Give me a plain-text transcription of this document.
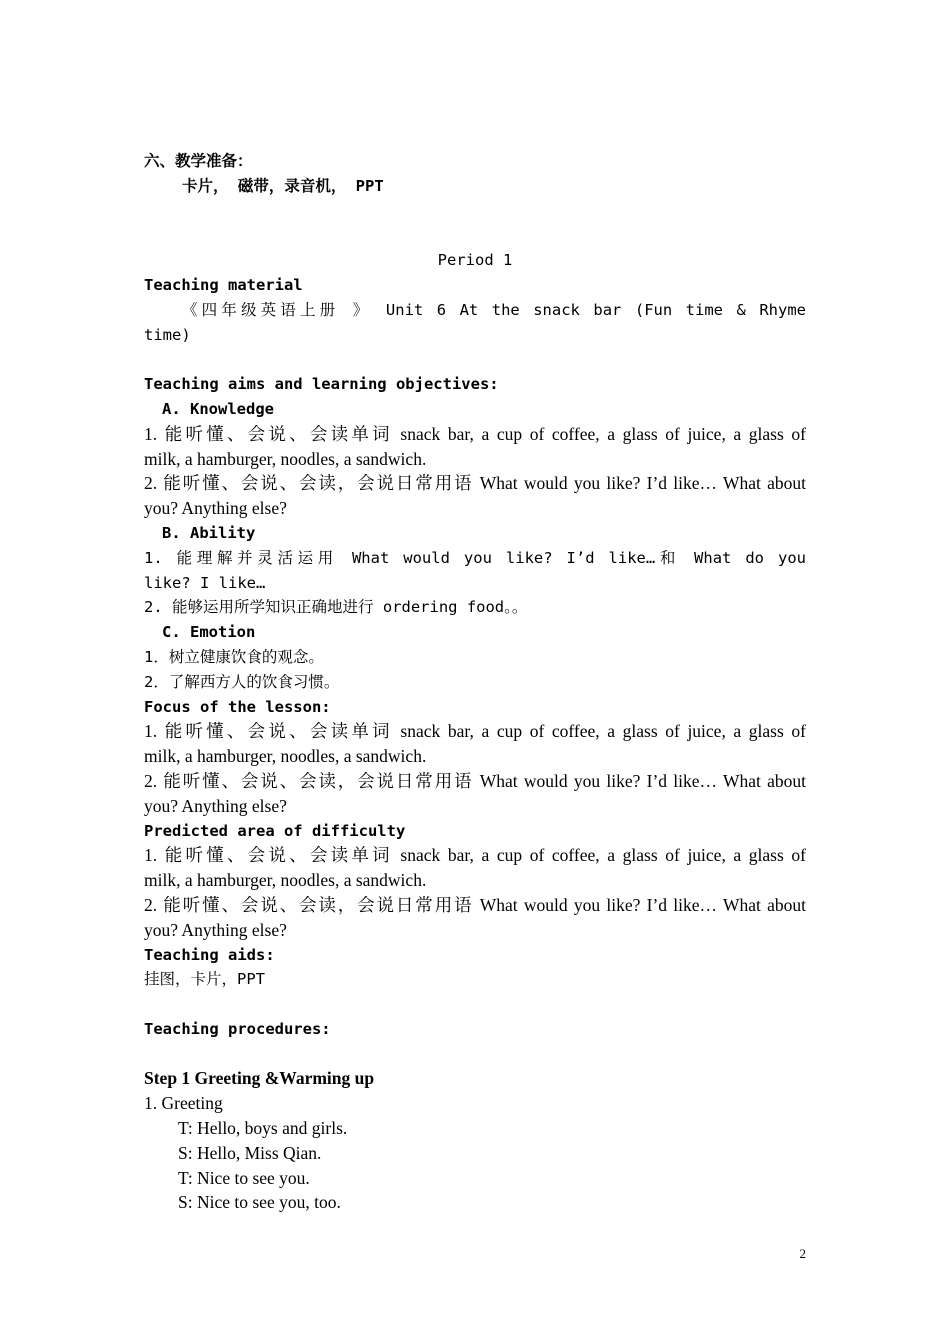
六、教学准备：
卡片， 磁带，录音机， PPT
Period 1
Teaching material
《四年级英语上册 》 Unit 6 At the snack bar (Fun time & Rhyme
time)
Teaching aims and learning objectives:
A. Knowledge
1. 能听懂、会说、会读单词 snack bar, a cup of coffee, a glass of juice, a glass of
milk, a hamburger, noodles, a sandwich.
2. 能听懂、会说、会读，会说日常用语 What would you like? I’d like… What about
you? Anything else?
B. Ability
1. 能理解并灵活运用 What would you like? I’d like…和 What do you
like? I like…
2. 能够运用所学知识正确地进行 ordering food。。
C. Emotion
1．树立健康饮食的观念。
2．了解西方人的饮食习惯。
Focus of the lesson:
1. 能听懂、会说、会读单词 snack bar, a cup of coffee, a glass of juice, a glass of
milk, a hamburger, noodles, a sandwich.
2. 能听懂、会说、会读，会说日常用语 What would you like? I’d like… What about
you? Anything else?
Predicted area of difficulty
1. 能听懂、会说、会读单词 snack bar, a cup of coffee, a glass of juice, a glass of
milk, a hamburger, noodles, a sandwich.
2. 能听懂、会说、会读，会说日常用语 What would you like? I’d like… What about
you? Anything else?
Teaching aids:
挂图，卡片，PPT
Teaching procedures:
Step 1 Greeting &Warming up
1. Greeting
T: Hello, boys and girls.
S: Hello, Miss Qian.
T: Nice to see you.
S: Nice to see you, too.
2
